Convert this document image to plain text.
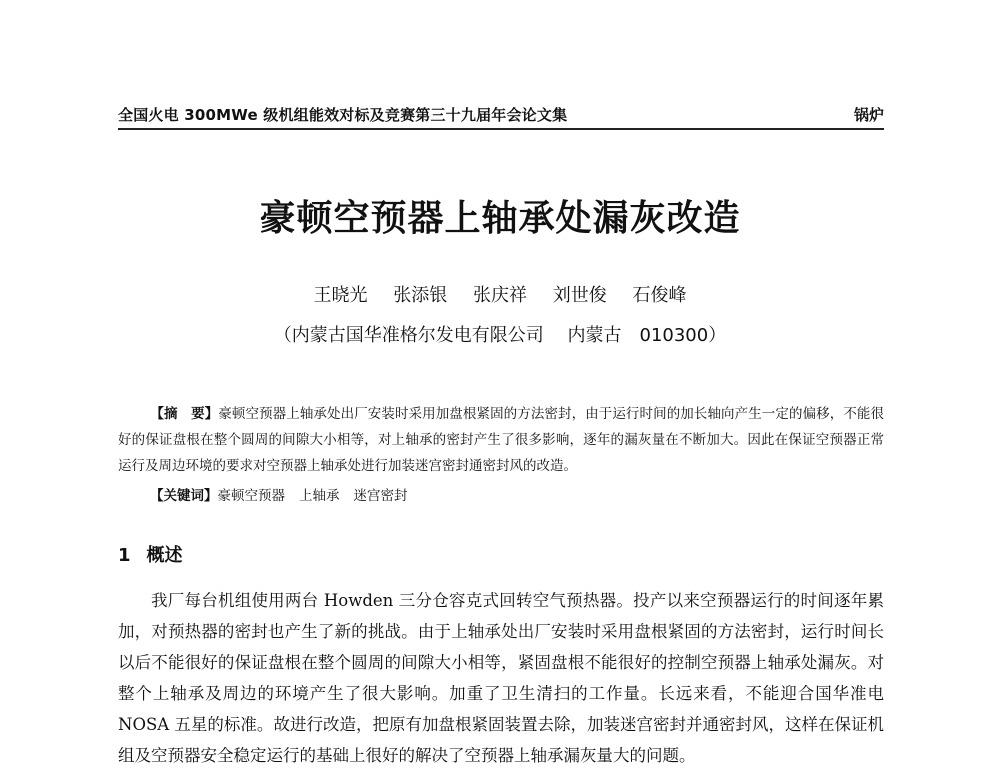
全国火电 300MWe 级机组能效对标及竞赛第三十九届年会论文集	锅炉
豪顿空预器上轴承处漏灰改造
王晓光 张添银 张庆祥 刘世俊 石俊峰
（内蒙古国华准格尔发电有限公司　 内蒙古　010300）
【摘　要】豪顿空预器上轴承处出厂安装时采用加盘根紧固的方法密封，由于运行时间的加长轴向产生一定的偏移，不能很好的保证盘根在整个圆周的间隙大小相等，对上轴承的密封产生了很多影响，逐年的漏灰量在不断加大。因此在保证空预器正常运行及周边环境的要求对空预器上轴承处进行加装迷宫密封通密封风的改造。
【关键词】豪顿空预器 上轴承 迷宫密封
1 概述
我厂每台机组使用两台 Howden 三分仓容克式回转空气预热器。投产以来空预器运行的时间逐年累加，对预热器的密封也产生了新的挑战。由于上轴承处出厂安装时采用盘根紧固的方法密封，运行时间长以后不能很好的保证盘根在整个圆周的间隙大小相等，紧固盘根不能很好的控制空预器上轴承处漏灰。对整个上轴承及周边的环境产生了很大影响。加重了卫生清扫的工作量。长远来看，不能迎合国华准电 NOSA 五星的标准。故进行改造，把原有加盘根紧固装置去除，加装迷宫密封并通密封风，这样在保证机组及空预器安全稳定运行的基础上很好的解决了空预器上轴承漏灰量大的问题。
